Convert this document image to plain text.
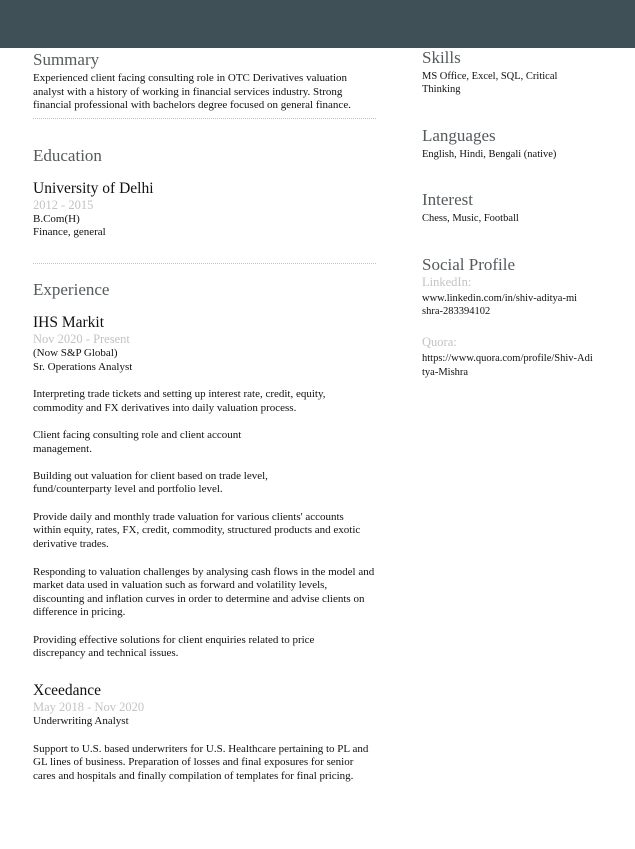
Summary

Experienced client facing consulting role in OTC Derivatives valuation analyst with a history of working in financial services industry. Strong financial professional with bachelors degree focused on general finance.

Education

University of Delhi

2012 - 2015

B.Com(H)

Finance, general

Experience

IHS Markit

Nov 2020 - Present

(Now S&P Global)

Sr. Operations Analyst

Interpreting trade tickets and setting up interest rate, credit, equity, commodity and FX derivatives into daily valuation process.

Client facing consulting role and client account management.

Building out valuation for client based on trade level, fund/counterparty level and portfolio level.

Provide daily and monthly trade valuation for various clients' accounts within equity, rates, FX, credit, commodity, structured products and exotic derivative trades.

Responding to valuation challenges by analysing cash flows in the model and market data used in valuation such as forward and volatility levels, discounting and inflation curves in order to determine and advise clients on difference in pricing.

Providing effective solutions for client enquiries related to price discrepancy and technical issues.

Xceedance

May 2018 - Nov 2020

Underwriting Analyst

Support to U.S. based underwriters for U.S. Healthcare pertaining to PL and GL lines of business. Preparation of losses and final exposures for senior cares and hospitals and finally compilation of templates for final pricing.

Skills

MS Office, Excel, SQL, Critical Thinking

Languages

English, Hindi, Bengali (native)

Interest

Chess, Music, Football

Social Profile

LinkedIn:

www.linkedin.com/in/shiv-aditya-mishra-283394102

Quora:

https://www.quora.com/profile/Shiv-Aditya-Mishra
